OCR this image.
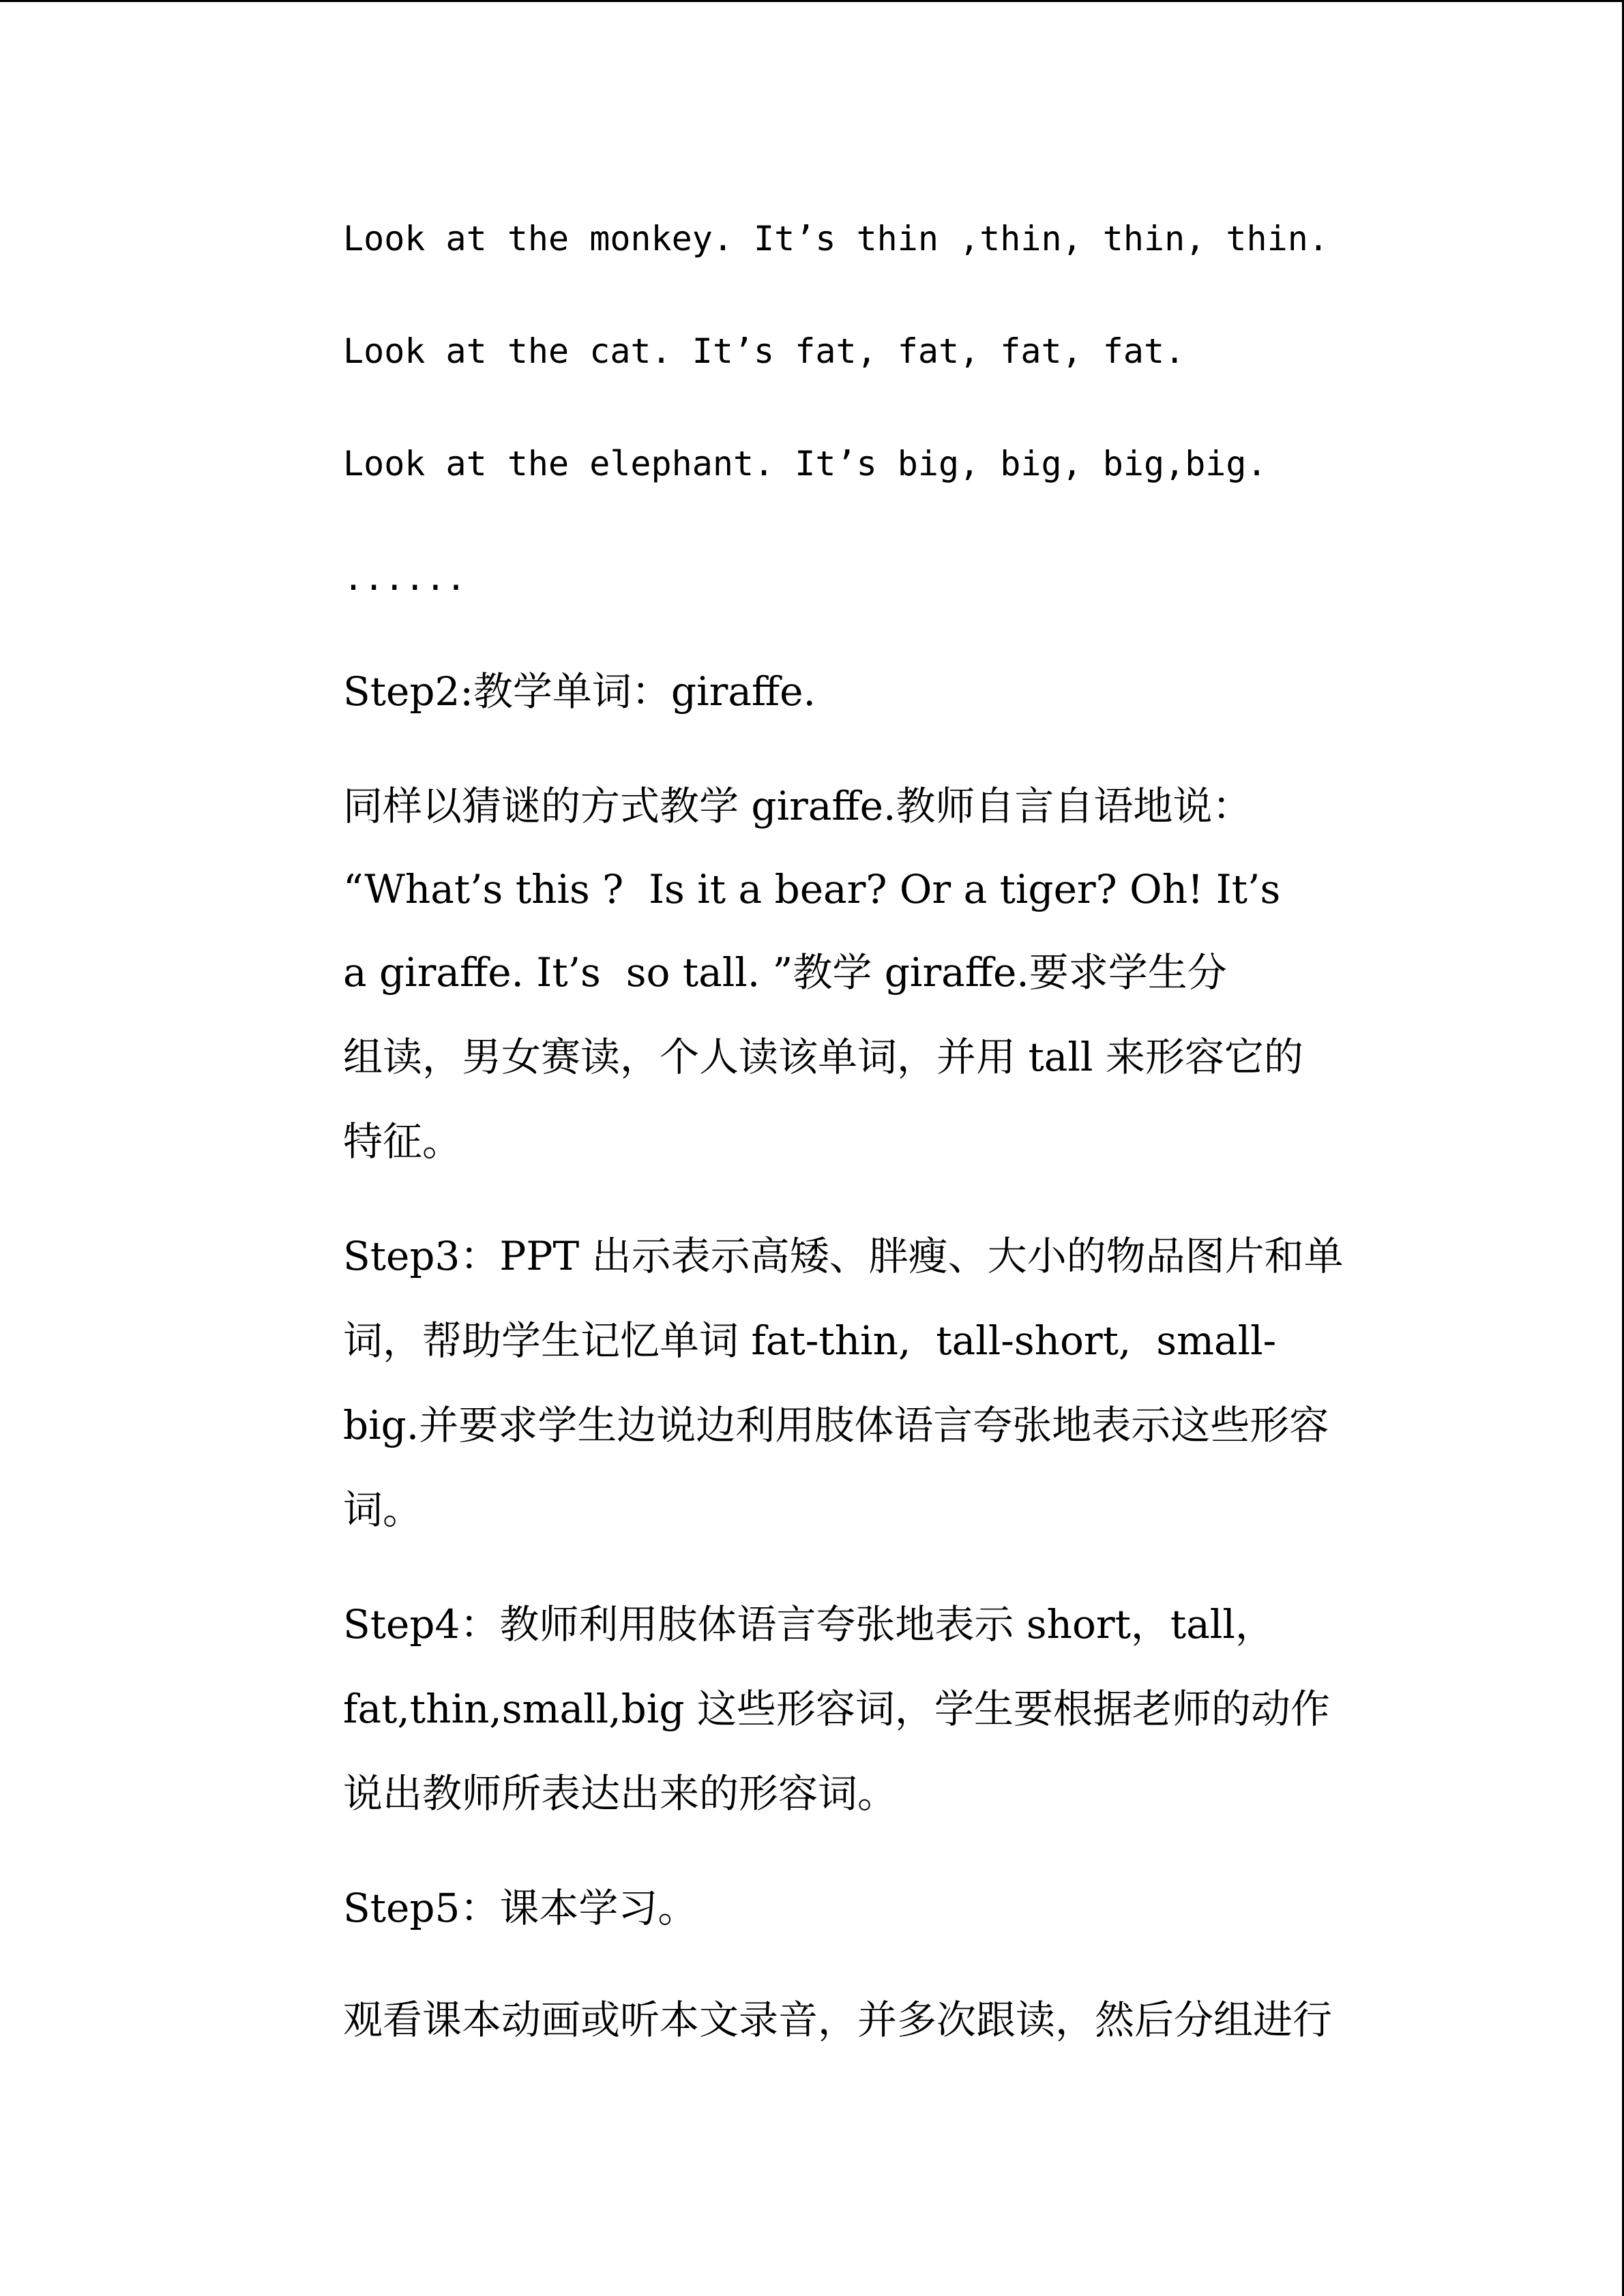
Look at the monkey. It’s thin ,thin, thin, thin.
Look at the cat. It’s fat, fat, fat, fat.
Look at the elephant. It’s big, big, big,big.
......
Step2:教学单词：giraffe.
同样以猜谜的方式教学 giraffe.教师自言自语地说：
“What’s this ?  Is it a bear? Or a tiger? Oh! It’s
a giraffe. It’s  so tall. ”教学 giraffe.要求学生分
组读，男女赛读，个人读该单词，并用 tall 来形容它的
特征。
Step3：PPT 出示表示高矮、胖瘦、大小的物品图片和单
词，帮助学生记忆单词 fat-thin,  tall-short,  small-
big.并要求学生边说边利用肢体语言夸张地表示这些形容
词。
Step4：教师利用肢体语言夸张地表示 short，tall，
fat,thin,small,big 这些形容词，学生要根据老师的动作
说出教师所表达出来的形容词。
Step5：课本学习。
观看课本动画或听本文录音，并多次跟读，然后分组进行
